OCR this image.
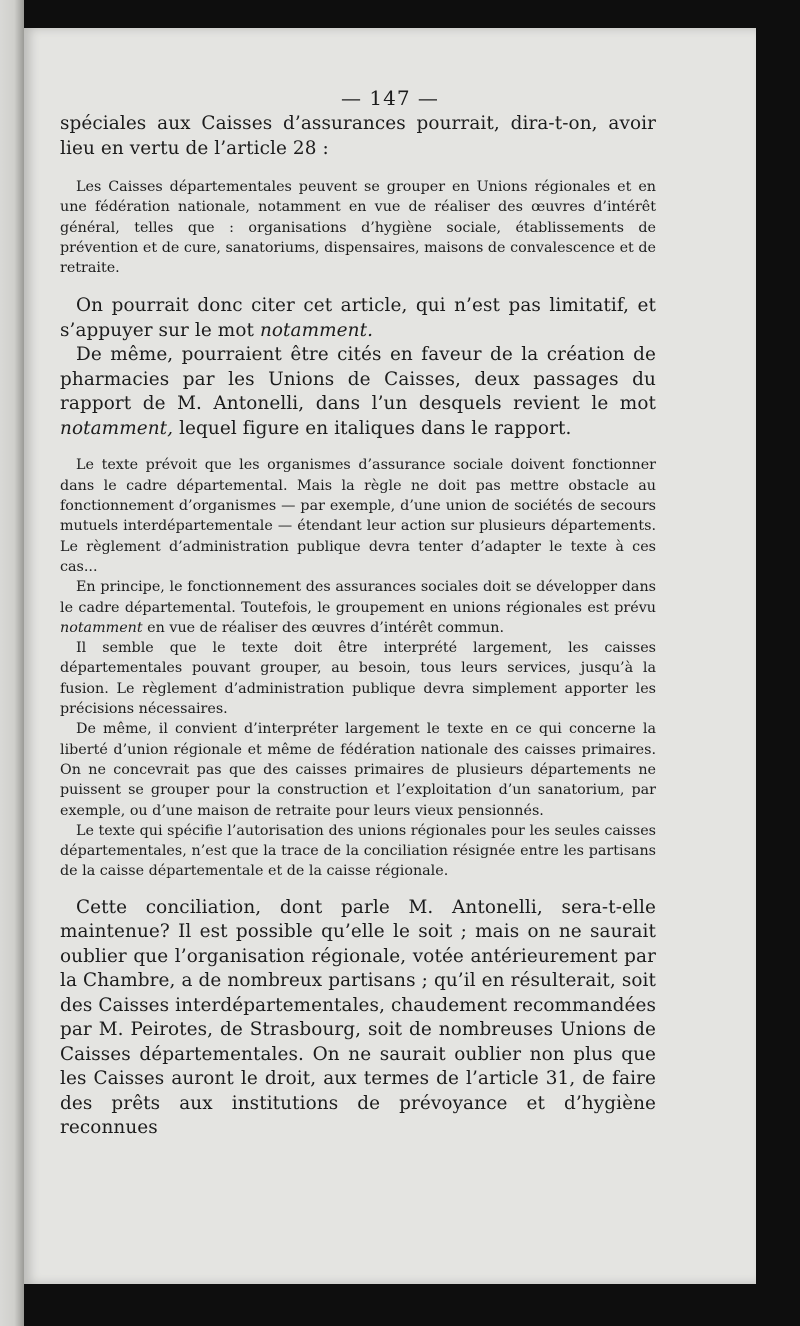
— 147 —

spéciales aux Caisses d’assurances pourrait, dira-t-on, avoir lieu en vertu de l’article 28 :

Les Caisses départementales peuvent se grouper en Unions régionales et en une fédération nationale, notamment en vue de réaliser des œuvres d’intérêt général, telles que : organisations d’hygiène sociale, établissements de prévention et de cure, sanatoriums, dispensaires, maisons de convalescence et de retraite.

On pourrait donc citer cet article, qui n’est pas limitatif, et s’appuyer sur le mot notamment.

De même, pourraient être cités en faveur de la création de pharmacies par les Unions de Caisses, deux passages du rapport de M. Antonelli, dans l’un desquels revient le mot notamment, lequel figure en italiques dans le rapport.

Le texte prévoit que les organismes d’assurance sociale doivent fonctionner dans le cadre départemental. Mais la règle ne doit pas mettre obstacle au fonctionnement d’organismes — par exemple, d’une union de sociétés de secours mutuels interdépartementale — étendant leur action sur plusieurs départements. Le règlement d’administration publique devra tenter d’adapter le texte à ces cas...

En principe, le fonctionnement des assurances sociales doit se développer dans le cadre départemental. Toutefois, le groupement en unions régionales est prévu notamment en vue de réaliser des œuvres d’intérêt commun.

Il semble que le texte doit être interprété largement, les caisses départementales pouvant grouper, au besoin, tous leurs services, jusqu’à la fusion. Le règlement d’administration publique devra simplement apporter les précisions nécessaires.

De même, il convient d’interpréter largement le texte en ce qui concerne la liberté d’union régionale et même de fédération nationale des caisses primaires. On ne concevrait pas que des caisses primaires de plusieurs départements ne puissent se grouper pour la construction et l’exploitation d’un sanatorium, par exemple, ou d’une maison de retraite pour leurs vieux pensionnés.

Le texte qui spécifie l’autorisation des unions régionales pour les seules caisses départementales, n’est que la trace de la conciliation résignée entre les partisans de la caisse départementale et de la caisse régionale.

Cette conciliation, dont parle M. Antonelli, sera-t-elle maintenue? Il est possible qu’elle le soit ; mais on ne saurait oublier que l’organisation régionale, votée antérieurement par la Chambre, a de nombreux partisans ; qu’il en résulterait, soit des Caisses interdépartementales, chaudement recommandées par M. Peirotes, de Strasbourg, soit de nombreuses Unions de Caisses départementales. On ne saurait oublier non plus que les Caisses auront le droit, aux termes de l’article 31, de faire des prêts aux institutions de prévoyance et d’hygiène reconnues
